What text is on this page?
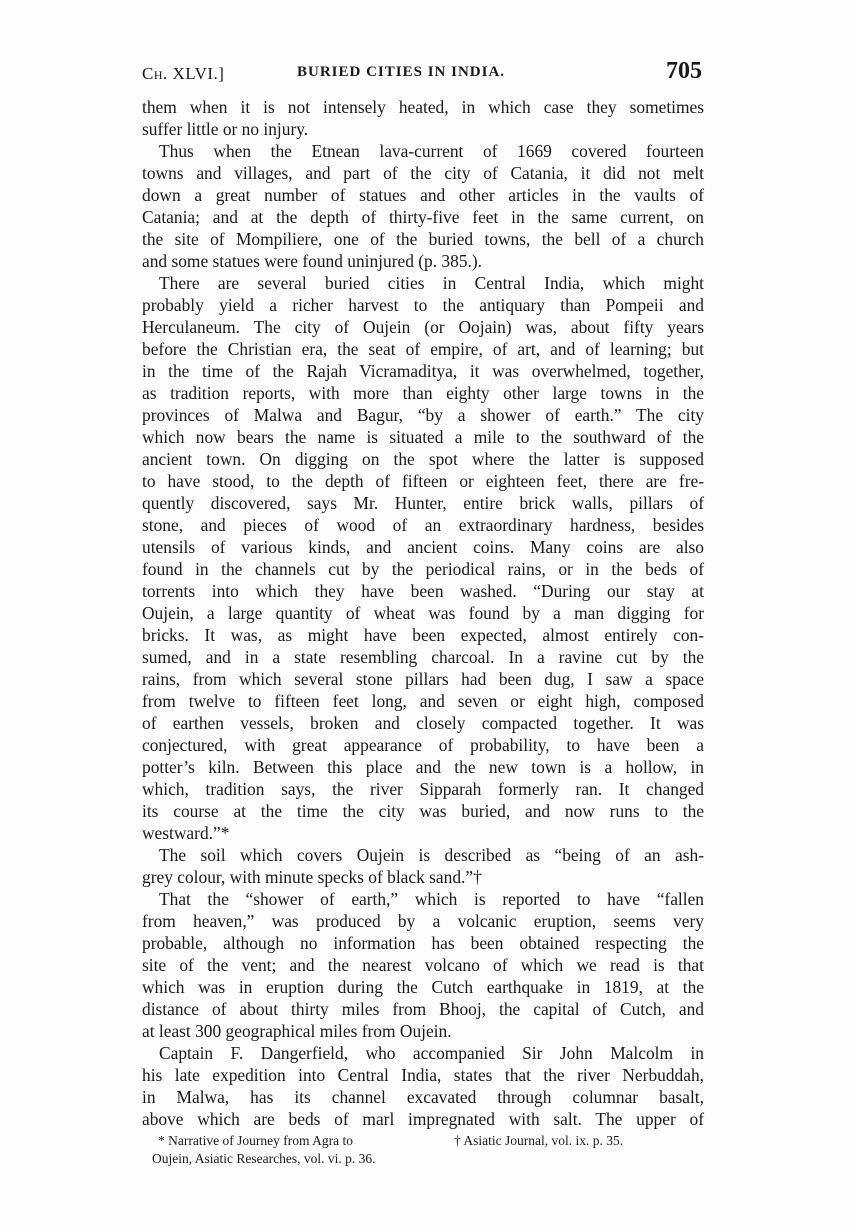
Ch. XLVI.]	BURIED CITIES IN INDIA.	705
them when it is not intensely heated, in which case they sometimes
suffer little or no injury.
Thus when the Etnean lava-current of 1669 covered fourteen
towns and villages, and part of the city of Catania, it did not melt
down a great number of statues and other articles in the vaults of
Catania; and at the depth of thirty-five feet in the same current, on
the site of Mompiliere, one of the buried towns, the bell of a church
and some statues were found uninjured (p. 385.).
There are several buried cities in Central India, which might
probably yield a richer harvest to the antiquary than Pompeii and
Herculaneum. The city of Oujein (or Oojain) was, about fifty years
before the Christian era, the seat of empire, of art, and of learning; but
in the time of the Rajah Vicramaditya, it was overwhelmed, together,
as tradition reports, with more than eighty other large towns in the
provinces of Malwa and Bagur, “by a shower of earth.” The city
which now bears the name is situated a mile to the southward of the
ancient town. On digging on the spot where the latter is supposed
to have stood, to the depth of fifteen or eighteen feet, there are fre-
quently discovered, says Mr. Hunter, entire brick walls, pillars of
stone, and pieces of wood of an extraordinary hardness, besides
utensils of various kinds, and ancient coins. Many coins are also
found in the channels cut by the periodical rains, or in the beds of
torrents into which they have been washed. “During our stay at
Oujein, a large quantity of wheat was found by a man digging for
bricks. It was, as might have been expected, almost entirely con-
sumed, and in a state resembling charcoal. In a ravine cut by the
rains, from which several stone pillars had been dug, I saw a space
from twelve to fifteen feet long, and seven or eight high, composed
of earthen vessels, broken and closely compacted together. It was
conjectured, with great appearance of probability, to have been a
potter’s kiln. Between this place and the new town is a hollow, in
which, tradition says, the river Sipparah formerly ran. It changed
its course at the time the city was buried, and now runs to the
westward.”*
The soil which covers Oujein is described as “being of an ash-
grey colour, with minute specks of black sand.”†
That the “shower of earth,” which is reported to have “fallen
from heaven,” was produced by a volcanic eruption, seems very
probable, although no information has been obtained respecting the
site of the vent; and the nearest volcano of which we read is that
which was in eruption during the Cutch earthquake in 1819, at the
distance of about thirty miles from Bhooj, the capital of Cutch, and
at least 300 geographical miles from Oujein.
Captain F. Dangerfield, who accompanied Sir John Malcolm in
his late expedition into Central India, states that the river Nerbuddah,
in Malwa, has its channel excavated through columnar basalt,
above which are beds of marl impregnated with salt. The upper of
* Narrative of Journey from Agra to
Oujein, Asiatic Researches, vol. vi. p. 36.
† Asiatic Journal, vol. ix. p. 35.
